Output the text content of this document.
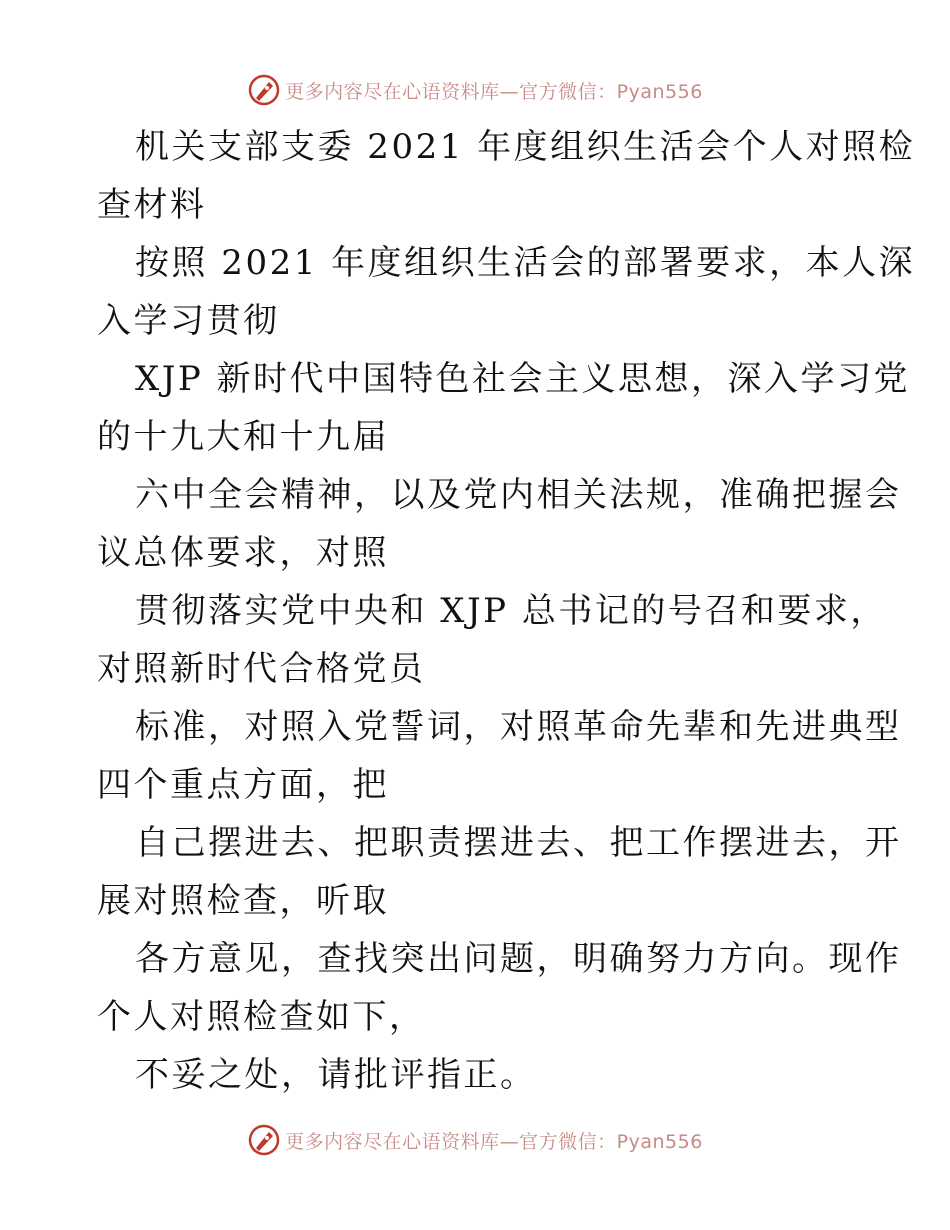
更多内容尽在心语资料库—官方微信：Pyan556
机关支部支委 2021 年度组织生活会个人对照检
查材料
按照 2021 年度组织生活会的部署要求，本人深
入学习贯彻
XJP 新时代中国特色社会主义思想，深入学习党
的十九大和十九届
六中全会精神，以及党内相关法规，准确把握会
议总体要求，对照
贯彻落实党中央和 XJP 总书记的号召和要求，
对照新时代合格党员
标准，对照入党誓词，对照革命先辈和先进典型
四个重点方面，把
自己摆进去、把职责摆进去、把工作摆进去，开
展对照检查，听取
各方意见，查找突出问题，明确努力方向。现作
个人对照检查如下，
不妥之处，请批评指正。
更多内容尽在心语资料库—官方微信：Pyan556
